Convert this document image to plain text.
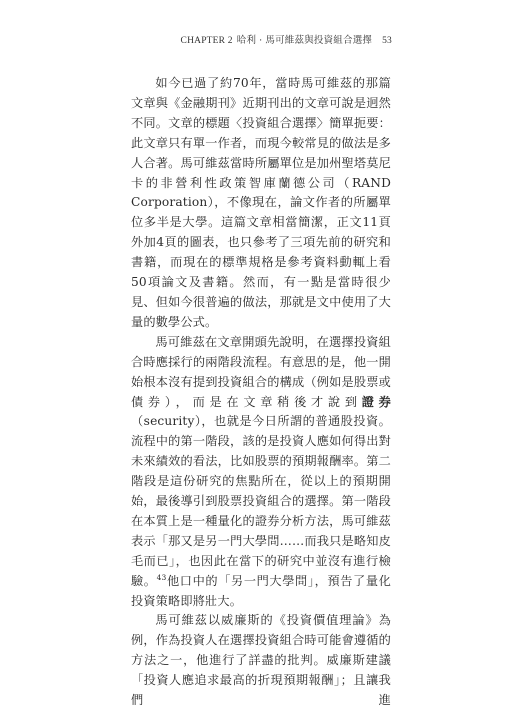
CHAPTER 2 哈利 · 馬可維茲與投資組合選擇 53

如今已過了約70年，當時馬可維茲的那篇文章與《金融期刊》近期刊出的文章可說是迥然不同。文章的標題〈投資組合選擇〉簡單扼要：此文章只有單一作者，而現今較常見的做法是多人合著。馬可維茲當時所屬單位是加州聖塔莫尼卡的非營利性政策智庫蘭德公司（RAND Corporation），不像現在，論文作者的所屬單位多半是大學。這篇文章相當簡潔，正文11頁外加4頁的圖表，也只參考了三項先前的研究和書籍，而現在的標準規格是參考資料動輒上看50項論文及書籍。然而，有一點是當時很少見、但如今很普遍的做法，那就是文中使用了大量的數學公式。

馬可維茲在文章開頭先說明，在選擇投資組合時應採行的兩階段流程。有意思的是，他一開始根本沒有提到投資組合的構成（例如是股票或債券），而是在文章稍後才說到證券（security），也就是今日所謂的普通股投資。流程中的第一階段，該的是投資人應如何得出對未來績效的看法，比如股票的預期報酬率。第二階段是這份研究的焦點所在，從以上的預期開始，最後導引到股票投資組合的選擇。第一階段在本質上是一種量化的證券分析方法，馬可維茲表示「那又是另一門大學問……而我只是略知皮毛而已」，也因此在當下的研究中並沒有進行檢驗。$^{43}$他口中的「另一門大學問」，預告了量化投資策略即將壯大。

馬可維茲以威廉斯的《投資價值理論》為例，作為投資人在選擇投資組合時可能會遵循的方法之一，他進行了詳盡的批判。威廉斯建議「投資人應追求最高的折現預期報酬」；且讓我們進
